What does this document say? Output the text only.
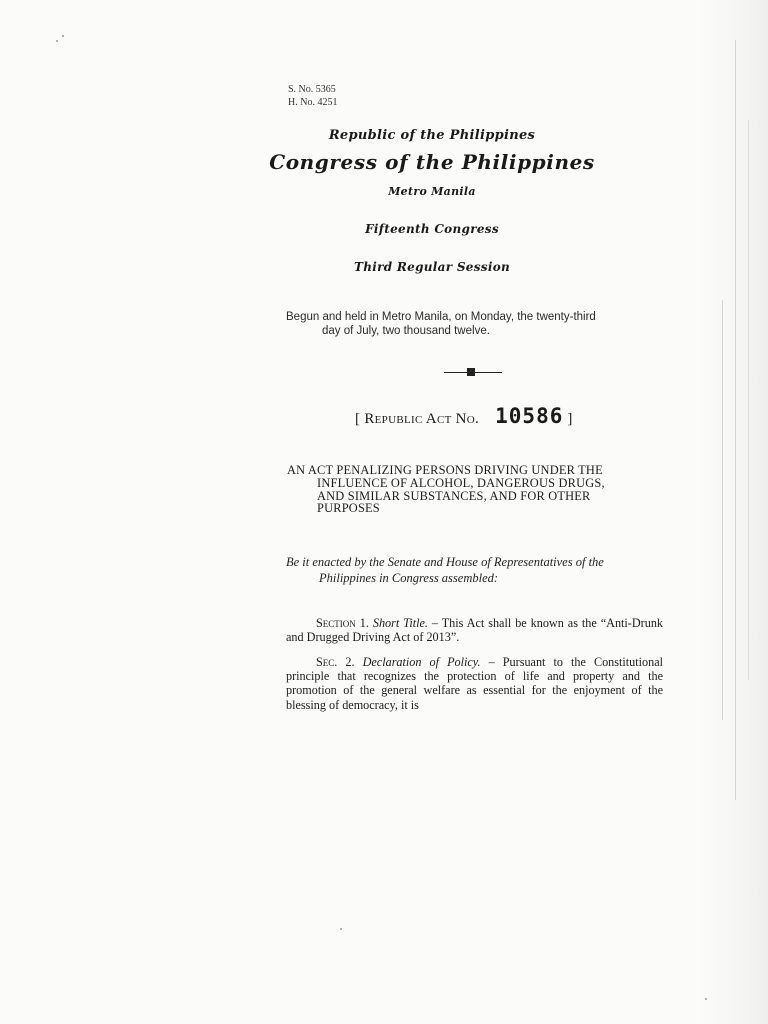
S. No. 5365
H. No. 4251
Republic of the Philippines
Congress of the Philippines
Metro Manila
Fifteenth Congress
Third Regular Session
Begun and held in Metro Manila, on Monday, the twenty-third
day of July, two thousand twelve.
[ Republic Act No. 10586 ]
AN ACT PENALIZING PERSONS DRIVING UNDER THE
INFLUENCE OF ALCOHOL, DANGEROUS DRUGS,
AND SIMILAR SUBSTANCES, AND FOR OTHER
PURPOSES
Be it enacted by the Senate and House of Representatives of the
Philippines in Congress assembled:
Section 1. Short Title. – This Act shall be known as the “Anti-Drunk and Drugged Driving Act of 2013”.
Sec. 2. Declaration of Policy. – Pursuant to the Constitutional principle that recognizes the protection of life and property and the promotion of the general welfare as essential for the enjoyment of the blessing of democracy, it is
